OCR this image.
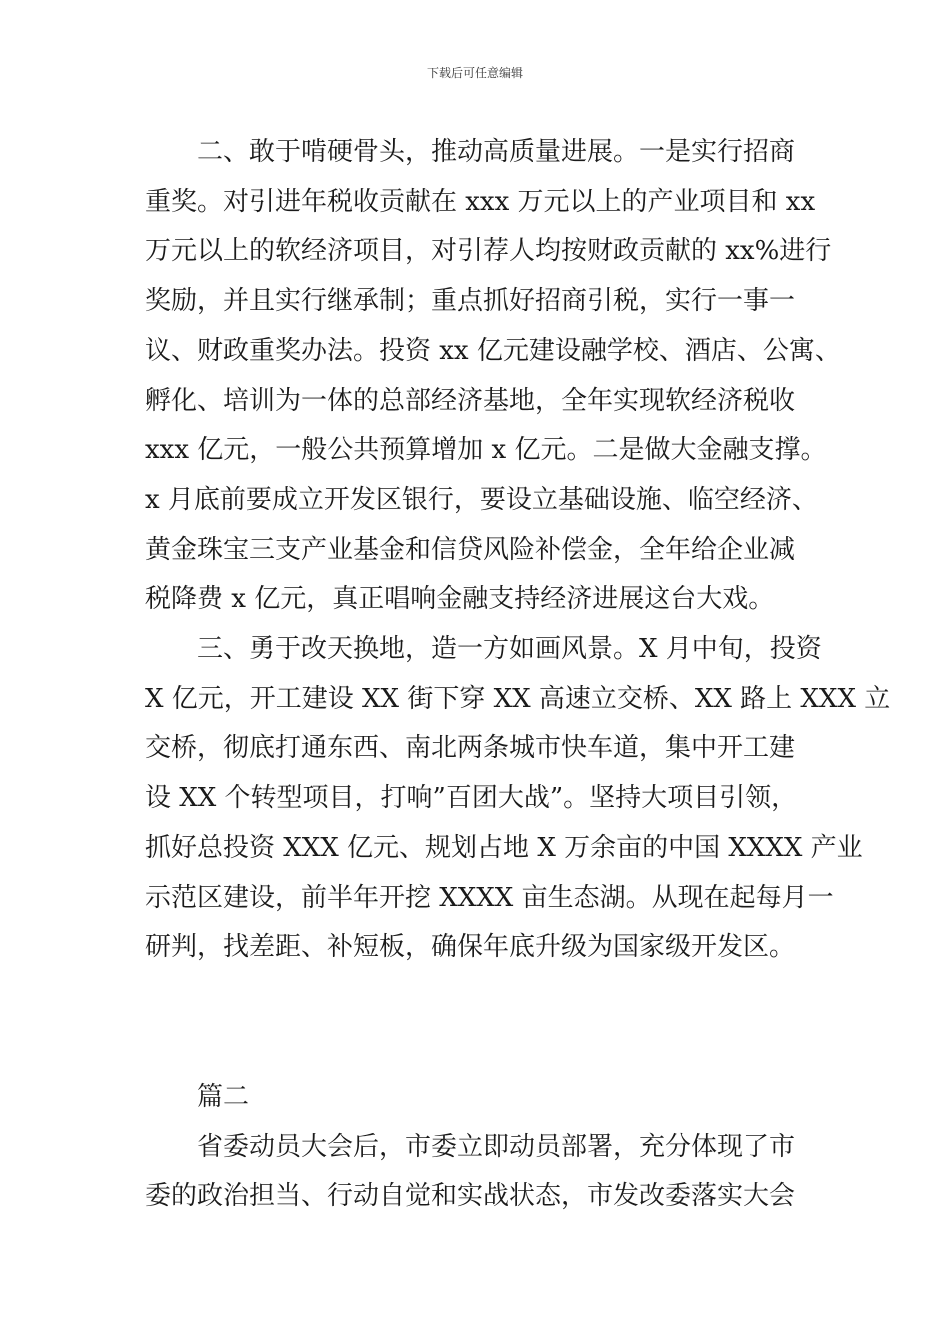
下载后可任意编辑

二、敢于啃硬骨头，推动高质量进展。一是实行招商
重奖。对引进年税收贡献在 xxx 万元以上的产业项目和 xx
万元以上的软经济项目，对引荐人均按财政贡献的 xx%进行
奖励，并且实行继承制；重点抓好招商引税，实行一事一
议、财政重奖办法。投资 xx 亿元建设融学校、酒店、公寓、
孵化、培训为一体的总部经济基地，全年实现软经济税收
xxx 亿元，一般公共预算增加 x 亿元。二是做大金融支撑。
x 月底前要成立开发区银行，要设立基础设施、临空经济、
黄金珠宝三支产业基金和信贷风险补偿金，全年给企业减
税降费 x 亿元，真正唱响金融支持经济进展这台大戏。

三、勇于改天换地，造一方如画风景。X 月中旬，投资
X 亿元，开工建设 XX 街下穿 XX 高速立交桥、XX 路上 XXX 立
交桥，彻底打通东西、南北两条城市快车道，集中开工建
设 XX 个转型项目，打响”百团大战”。坚持大项目引领，
抓好总投资 XXX 亿元、规划占地 X 万余亩的中国 XXXX 产业
示范区建设，前半年开挖 XXXX 亩生态湖。从现在起每月一
研判，找差距、补短板，确保年底升级为国家级开发区。

篇二

省委动员大会后，市委立即动员部署，充分体现了市
委的政治担当、行动自觉和实战状态，市发改委落实大会
